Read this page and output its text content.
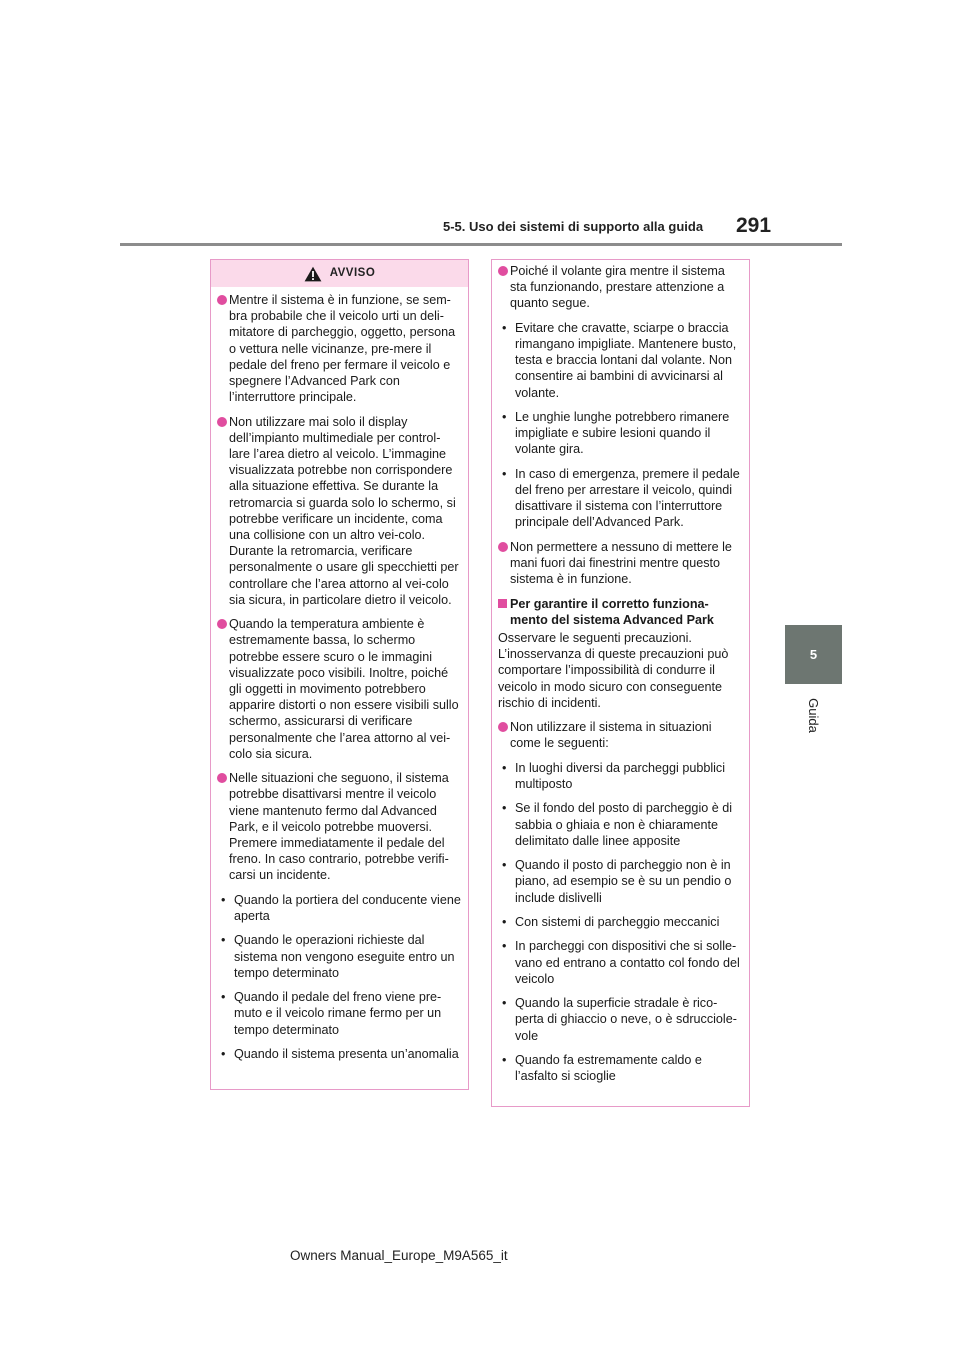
5-5. Uso dei sistemi di supporto alla guida 291
5
Guida
AVVISO
Mentre il sistema è in funzione, se sem-bra probabile che il veicolo urti un deli-mitatore di parcheggio, oggetto, persona o vettura nelle vicinanze, pre-mere il pedale del freno per fermare il veicolo e spegnere l’Advanced Park con l’interruttore principale.
Non utilizzare mai solo il display dell’impianto multimediale per control-lare l’area dietro al veicolo. L’immagine visualizzata potrebbe non corrispondere alla situazione effettiva. Se durante la retromarcia si guarda solo lo schermo, si potrebbe verificare un incidente, coma una collisione con un altro vei-colo. Durante la retromarcia, verificare personalmente o usare gli specchietti per controllare che l’area attorno al vei-colo sia sicura, in particolare dietro il veicolo.
Quando la temperatura ambiente è estremamente bassa, lo schermo potrebbe essere scuro o le immagini visualizzate poco visibili. Inoltre, poiché gli oggetti in movimento potrebbero apparire distorti o non essere visibili sullo schermo, assicurarsi di verificare personalmente che l’area attorno al vei-colo sia sicura.
Nelle situazioni che seguono, il sistema potrebbe disattivarsi mentre il veicolo viene mantenuto fermo dal Advanced Park, e il veicolo potrebbe muoversi. Premere immediatamente il pedale del freno. In caso contrario, potrebbe verifi-carsi un incidente.
• Quando la portiera del conducente viene aperta
• Quando le operazioni richieste dal sistema non vengono eseguite entro un tempo determinato
• Quando il pedale del freno viene pre-muto e il veicolo rimane fermo per un tempo determinato
• Quando il sistema presenta un’anomalia
Poiché il volante gira mentre il sistema sta funzionando, prestare attenzione a quanto segue.
• Evitare che cravatte, sciarpe o braccia rimangano impigliate. Mantenere busto, testa e braccia lontani dal volante. Non consentire ai bambini di avvicinarsi al volante.
• Le unghie lunghe potrebbero rimanere impigliate e subire lesioni quando il volante gira.
• In caso di emergenza, premere il pedale del freno per arrestare il veicolo, quindi disattivare il sistema con l’interruttore principale dell’Advanced Park.
Non permettere a nessuno di mettere le mani fuori dai finestrini mentre questo sistema è in funzione.
Per garantire il corretto funziona-mento del sistema Advanced Park
Osservare le seguenti precauzioni. L’inosservanza di queste precauzioni può comportare l’impossibilità di condurre il veicolo in modo sicuro con conseguente rischio di incidenti.
Non utilizzare il sistema in situazioni come le seguenti:
• In luoghi diversi da parcheggi pubblici multiposto
• Se il fondo del posto di parcheggio è di sabbia o ghiaia e non è chiaramente delimitato dalle linee apposite
• Quando il posto di parcheggio non è in piano, ad esempio se è su un pendio o include dislivelli
• Con sistemi di parcheggio meccanici
• In parcheggi con dispositivi che si solle-vano ed entrano a contatto col fondo del veicolo
• Quando la superficie stradale è rico-perta di ghiaccio o neve, o è sdrucciole-vole
• Quando fa estremamente caldo e l’asfalto si scioglie
Owners Manual_Europe_M9A565_it
